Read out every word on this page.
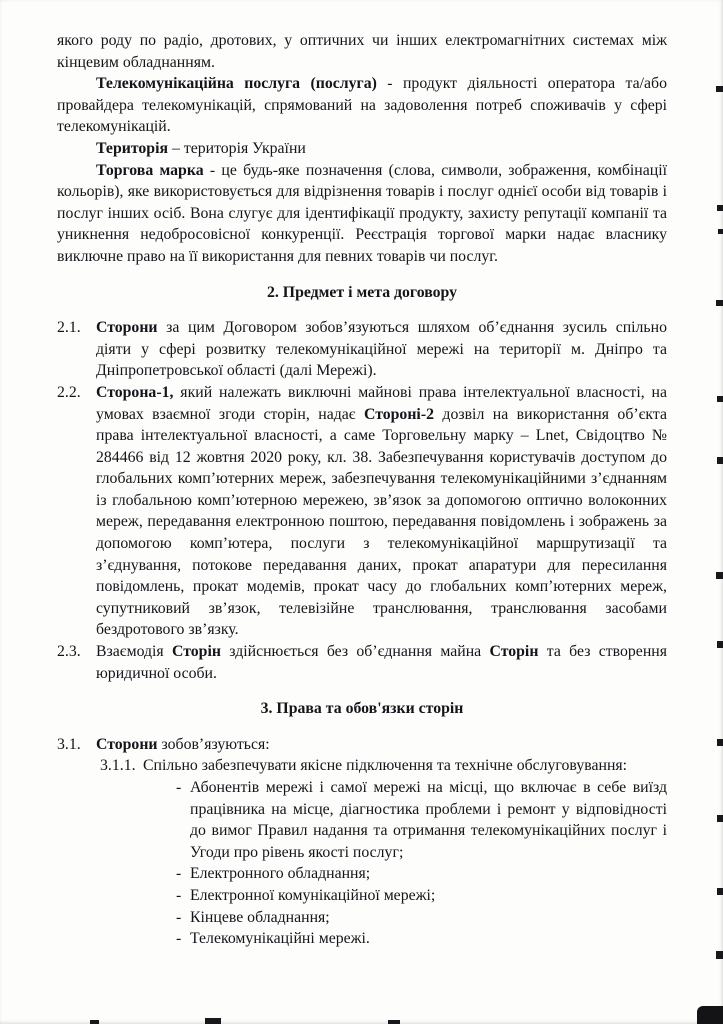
якого роду по радіо, дротових, у оптичних чи інших електромагнітних системах між кінцевим обладнанням.

Телекомунікаційна послуга (послуга) - продукт діяльності оператора та/або провайдера телекомунікацій, спрямований на задоволення потреб споживачів у сфері телекомунікацій.

Територія – територія України

Торгова марка - це будь-яке позначення (слова, символи, зображення, комбінації кольорів), яке використовується для відрізнення товарів і послуг однієї особи від товарів і послуг інших осіб. Вона слугує для ідентифікації продукту, захисту репутації компанії та уникнення недобросовісної конкуренції. Реєстрація торгової марки надає власнику виключне право на її використання для певних товарів чи послуг.

2. Предмет і мета договору
2.1. Сторони за цим Договором зобов’язуються шляхом об’єднання зусиль спільно діяти у сфері розвитку телекомунікаційної мережі на території м. Дніпро та Дніпропетровської області (далі Мережі).

2.2. Сторона-1, який належать виключні майнові права інтелектуальної власності, на умовах взаємної згоди сторін, надає Стороні-2 дозвіл на використання об’єкта права інтелектуальної власності, а саме Торговельну марку – Lnet, Свідоцтво № 284466 від 12 жовтня 2020 року, кл. 38. Забезпечування користувачів доступом до глобальних комп’ютерних мереж, забезпечування телекомунікаційними з’єднанням із глобальною комп’ютерною мережею, зв’язок за допомогою оптично волоконних мереж, передавання електронною поштою, передавання повідомлень і зображень за допомогою комп’ютера, послуги з телекомунікаційної маршрутизації та з’єднування, потокове передавання даних, прокат апаратури для пересилання повідомлень, прокат модемів, прокат часу до глобальних комп’ютерних мереж, супутниковий зв’язок, телевізійне транслювання, транслювання засобами бездротового зв’язку.

2.3. Взаємодія Сторін здійснюється без об’єднання майна Сторін та без створення юридичної особи.

3. Права та обов'язки сторін
3.1. Сторони зобов’язуються:

3.1.1. Спільно забезпечувати якісне підключення та технічне обслуговування:

- Абонентів мережі і самої мережі на місці, що включає в себе виїзд працівника на місце, діагностика проблеми і ремонт у відповідності до вимог Правил надання та отримання телекомунікаційних послуг і Угоди про рівень якості послуг;

- Електронного обладнання;

- Електронної комунікаційної мережі;

- Кінцеве обладнання;

- Телекомунікаційні мережі.
